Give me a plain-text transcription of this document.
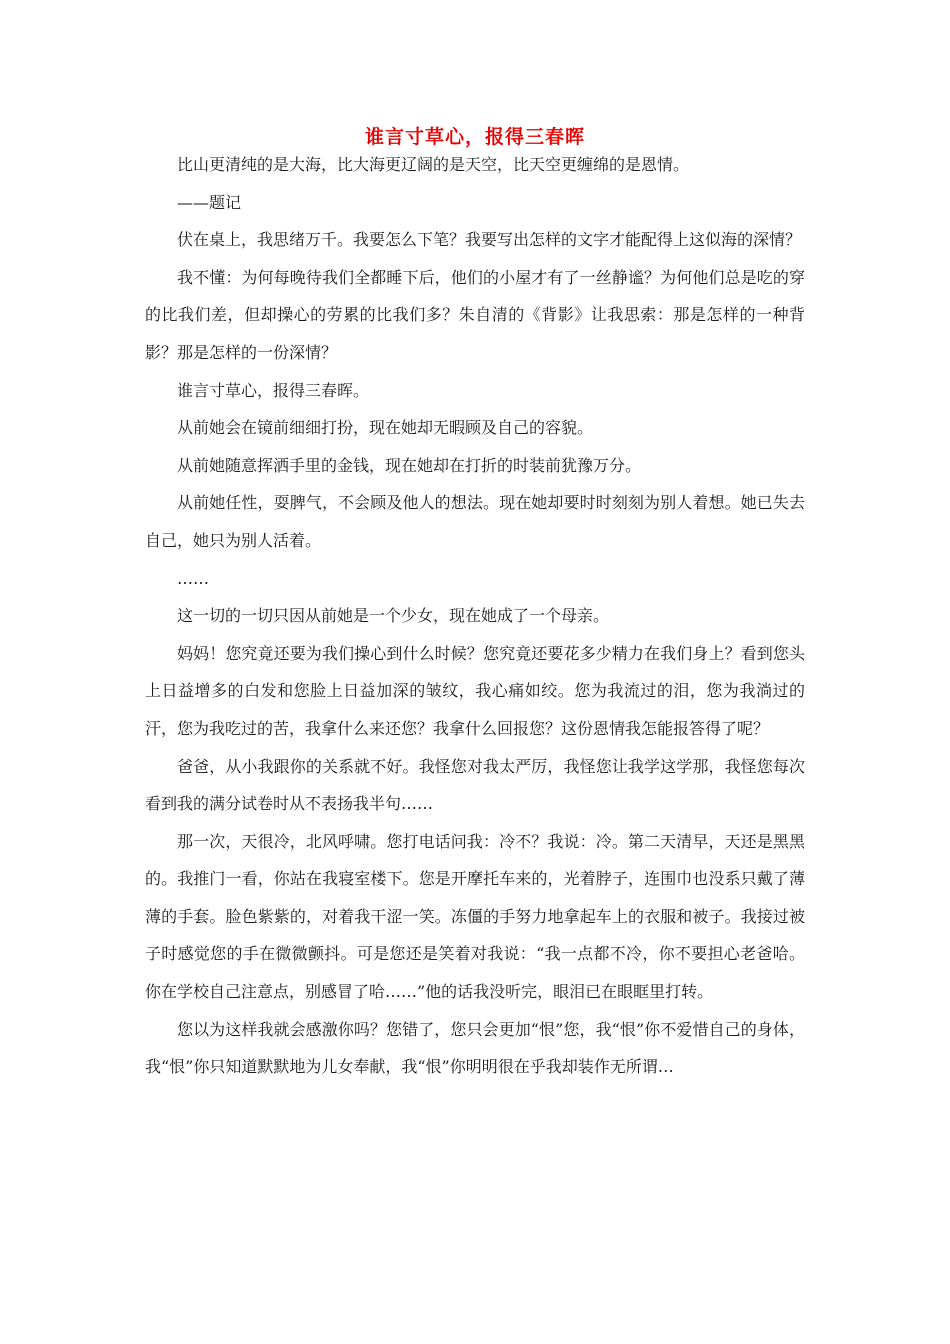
谁言寸草心，报得三春晖

比山更清纯的是大海，比大海更辽阔的是天空，比天空更缠绵的是恩情。

——题记

伏在桌上，我思绪万千。我要怎么下笔？我要写出怎样的文字才能配得上这似海的深情？

我不懂：为何每晚待我们全都睡下后，他们的小屋才有了一丝静谧？为何他们总是吃的穿的比我们差，但却操心的劳累的比我们多？朱自清的《背影》让我思索：那是怎样的一种背影？那是怎样的一份深情？

谁言寸草心，报得三春晖。

从前她会在镜前细细打扮，现在她却无暇顾及自己的容貌。

从前她随意挥洒手里的金钱，现在她却在打折的时装前犹豫万分。

从前她任性，耍脾气，不会顾及他人的想法。现在她却要时时刻刻为别人着想。她已失去自己，她只为别人活着。

……

这一切的一切只因从前她是一个少女，现在她成了一个母亲。

妈妈！您究竟还要为我们操心到什么时候？您究竟还要花多少精力在我们身上？看到您头上日益增多的白发和您脸上日益加深的皱纹，我心痛如绞。您为我流过的泪，您为我淌过的汗，您为我吃过的苦，我拿什么来还您？我拿什么回报您？这份恩情我怎能报答得了呢？

爸爸，从小我跟你的关系就不好。我怪您对我太严厉，我怪您让我学这学那，我怪您每次看到我的满分试卷时从不表扬我半句……

那一次，天很冷，北风呼啸。您打电话问我：冷不？我说：冷。第二天清早，天还是黑黑的。我推门一看，你站在我寝室楼下。您是开摩托车来的，光着脖子，连围巾也没系只戴了薄薄的手套。脸色紫紫的，对着我干涩一笑。冻僵的手努力地拿起车上的衣服和被子。我接过被子时感觉您的手在微微颤抖。可是您还是笑着对我说：“我一点都不冷，你不要担心老爸哈。你在学校自己注意点，别感冒了哈……”他的话我没听完，眼泪已在眼眶里打转。

您以为这样我就会感激你吗？您错了，您只会更加“恨”您，我“恨”你不爱惜自己的身体，我“恨”你只知道默默地为儿女奉献，我“恨”你明明很在乎我却装作无所谓…
